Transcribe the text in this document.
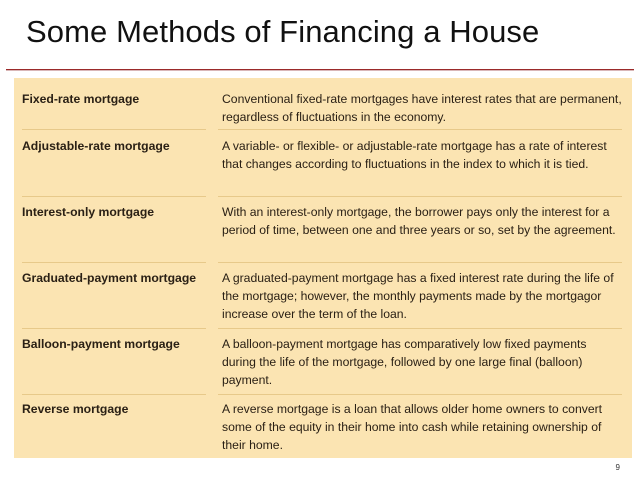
Some Methods of Financing a House
Fixed-rate mortgage	Conventional fixed-rate mortgages have interest rates that are permanent, regardless of fluctuations in the economy.
Adjustable-rate mortgage	A variable- or flexible- or adjustable-rate mortgage has a rate of interest that changes according to fluctuations in the index to which it is tied.
Interest-only mortgage	With an interest-only mortgage, the borrower pays only the interest for a period of time, between one and three years or so, set by the agreement.
Graduated-payment mortgage	A graduated-payment mortgage has a fixed interest rate during the life of the mortgage; however, the monthly payments made by the mortgagor increase over the term of the loan.
Balloon-payment mortgage	A balloon-payment mortgage has comparatively low fixed payments during the life of the mortgage, followed by one large final (balloon) payment.
Reverse mortgage	A reverse mortgage is a loan that allows older home owners to convert some of the equity in their home into cash while retaining ownership of their home.
9
